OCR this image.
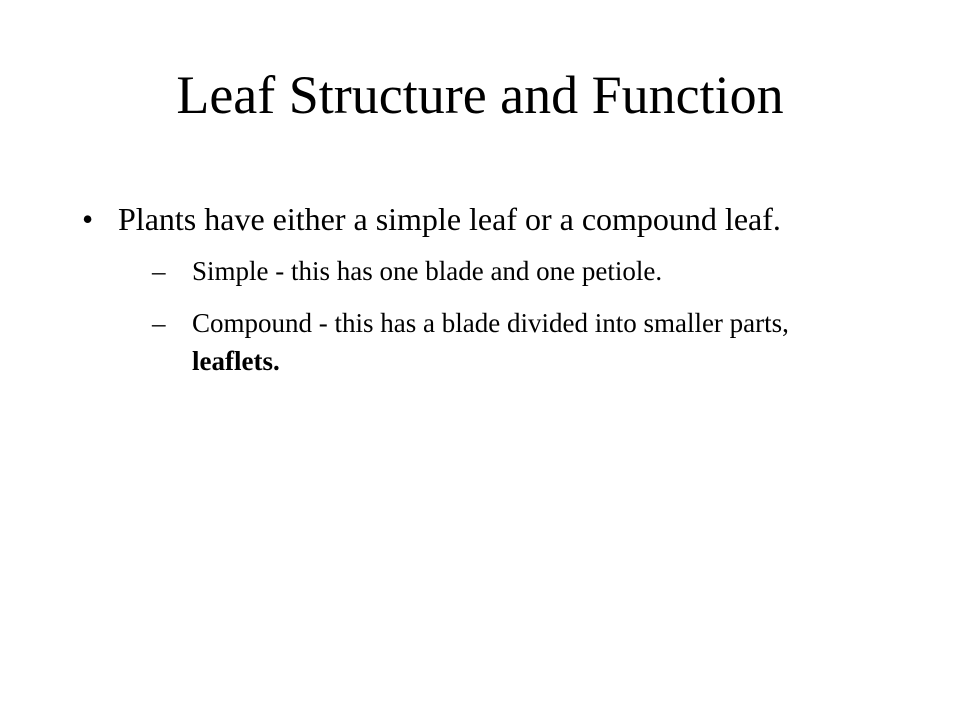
Leaf Structure and Function
• Plants have either a simple leaf or a compound leaf.
– Simple - this has one blade and one petiole.
– Compound - this has a blade divided into smaller parts, leaflets.
